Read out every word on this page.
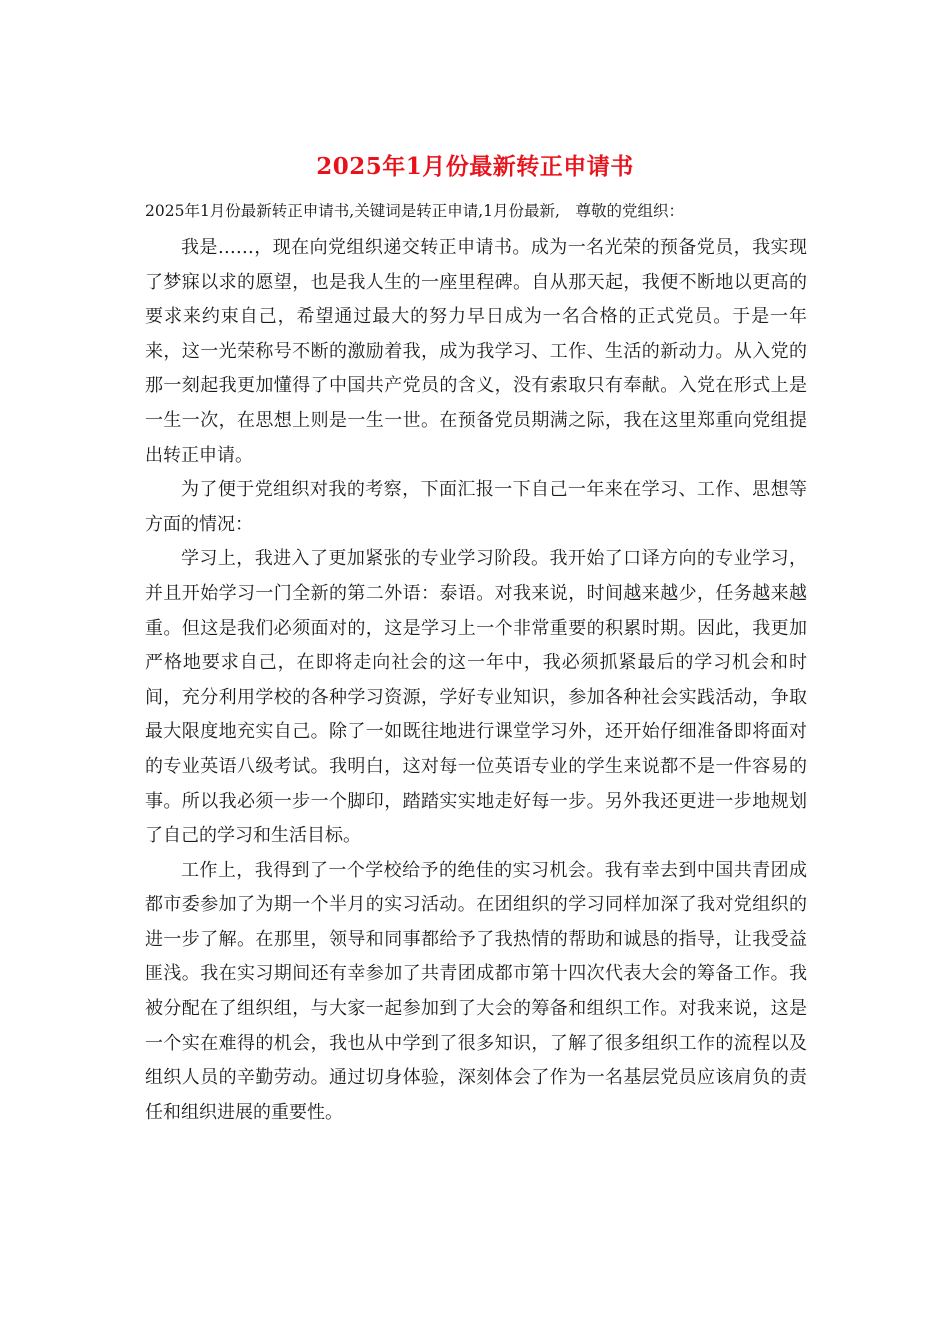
2025年1月份最新转正申请书
2025年1月份最新转正申请书,关键词是转正申请,1月份最新,　尊敬的党组织：

我是……，现在向党组织递交转正申请书。成为一名光荣的预备党员，我实现了梦寐以求的愿望，也是我人生的一座里程碑。自从那天起，我便不断地以更高的要求来约束自己，希望通过最大的努力早日成为一名合格的正式党员。于是一年来，这一光荣称号不断的激励着我，成为我学习、工作、生活的新动力。从入党的那一刻起我更加懂得了中国共产党员的含义，没有索取只有奉献。入党在形式上是一生一次，在思想上则是一生一世。在预备党员期满之际，我在这里郑重向党组提出转正申请。

为了便于党组织对我的考察，下面汇报一下自己一年来在学习、工作、思想等方面的情况：

学习上，我进入了更加紧张的专业学习阶段。我开始了口译方向的专业学习，并且开始学习一门全新的第二外语：泰语。对我来说，时间越来越少，任务越来越重。但这是我们必须面对的，这是学习上一个非常重要的积累时期。因此，我更加严格地要求自己，在即将走向社会的这一年中，我必须抓紧最后的学习机会和时间，充分利用学校的各种学习资源，学好专业知识，参加各种社会实践活动，争取最大限度地充实自己。除了一如既往地进行课堂学习外，还开始仔细准备即将面对的专业英语八级考试。我明白，这对每一位英语专业的学生来说都不是一件容易的事。所以我必须一步一个脚印，踏踏实实地走好每一步。另外我还更进一步地规划了自己的学习和生活目标。

工作上，我得到了一个学校给予的绝佳的实习机会。我有幸去到中国共青团成都市委参加了为期一个半月的实习活动。在团组织的学习同样加深了我对党组织的进一步了解。在那里，领导和同事都给予了我热情的帮助和诚恳的指导，让我受益匪浅。我在实习期间还有幸参加了共青团成都市第十四次代表大会的筹备工作。我被分配在了组织组，与大家一起参加到了大会的筹备和组织工作。对我来说，这是一个实在难得的机会，我也从中学到了很多知识，了解了很多组织工作的流程以及组织人员的辛勤劳动。通过切身体验，深刻体会了作为一名基层党员应该肩负的责任和组织进展的重要性。
